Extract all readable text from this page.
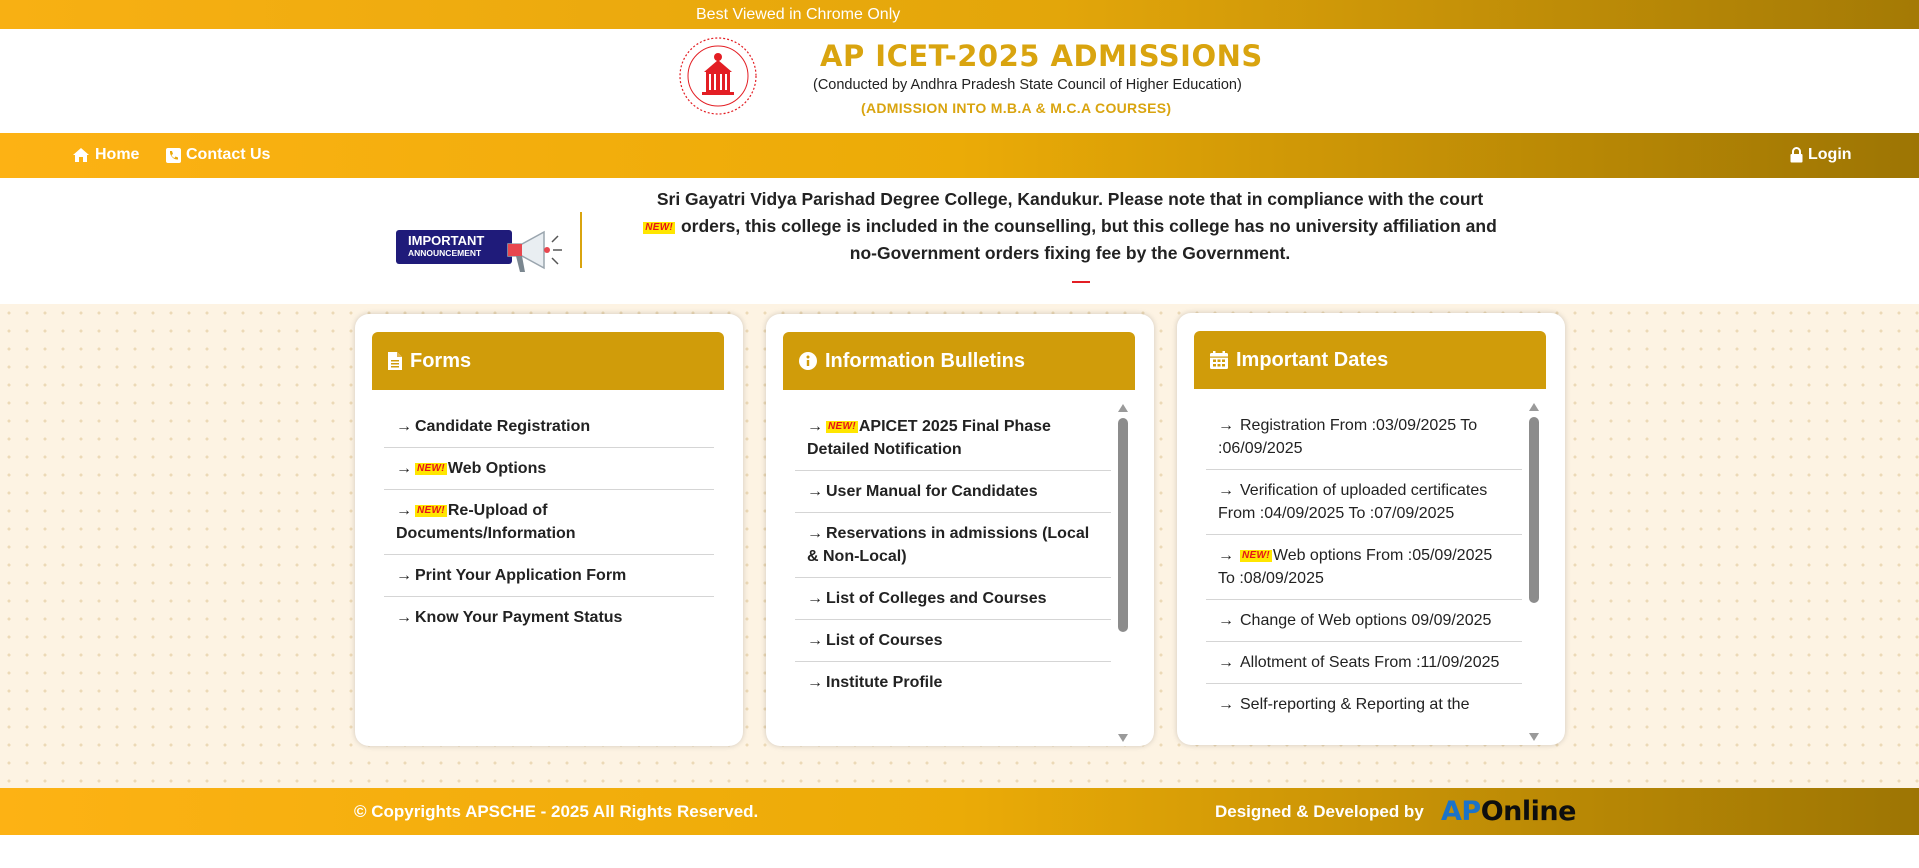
Best Viewed in Chrome Only
AP ICET-2025 ADMISSIONS
(Conducted by Andhra Pradesh State Council of Higher Education)
(ADMISSION INTO M.B.A & M.C.A COURSES)
Home	Contact Us	Login
IMPORTANT
ANNOUNCEMENT
Sri Gayatri Vidya Parishad Degree College, Kandukur. Please note that in compliance with the court
NEW! orders, this college is included in the counselling, but this college has no university affiliation and
no-Government orders fixing fee by the Government.
Forms
→ Candidate Registration
→ NEW! Web Options
→ NEW! Re-Upload of Documents/Information
→ Print Your Application Form
→ Know Your Payment Status
Information Bulletins
→ NEW! APICET 2025 Final Phase Detailed Notification
→ User Manual for Candidates
→ Reservations in admissions (Local & Non-Local)
→ List of Colleges and Courses
→ List of Courses
→ Institute Profile
Important Dates
→ Registration From :03/09/2025 To :06/09/2025
→ Verification of uploaded certificates From :04/09/2025 To :07/09/2025
→ NEW! Web options From :05/09/2025 To :08/09/2025
→ Change of Web options 09/09/2025
→ Allotment of Seats From :11/09/2025
→ Self-reporting & Reporting at the
© Copyrights APSCHE - 2025 All Rights Reserved.	Designed & Developed by APOnline
